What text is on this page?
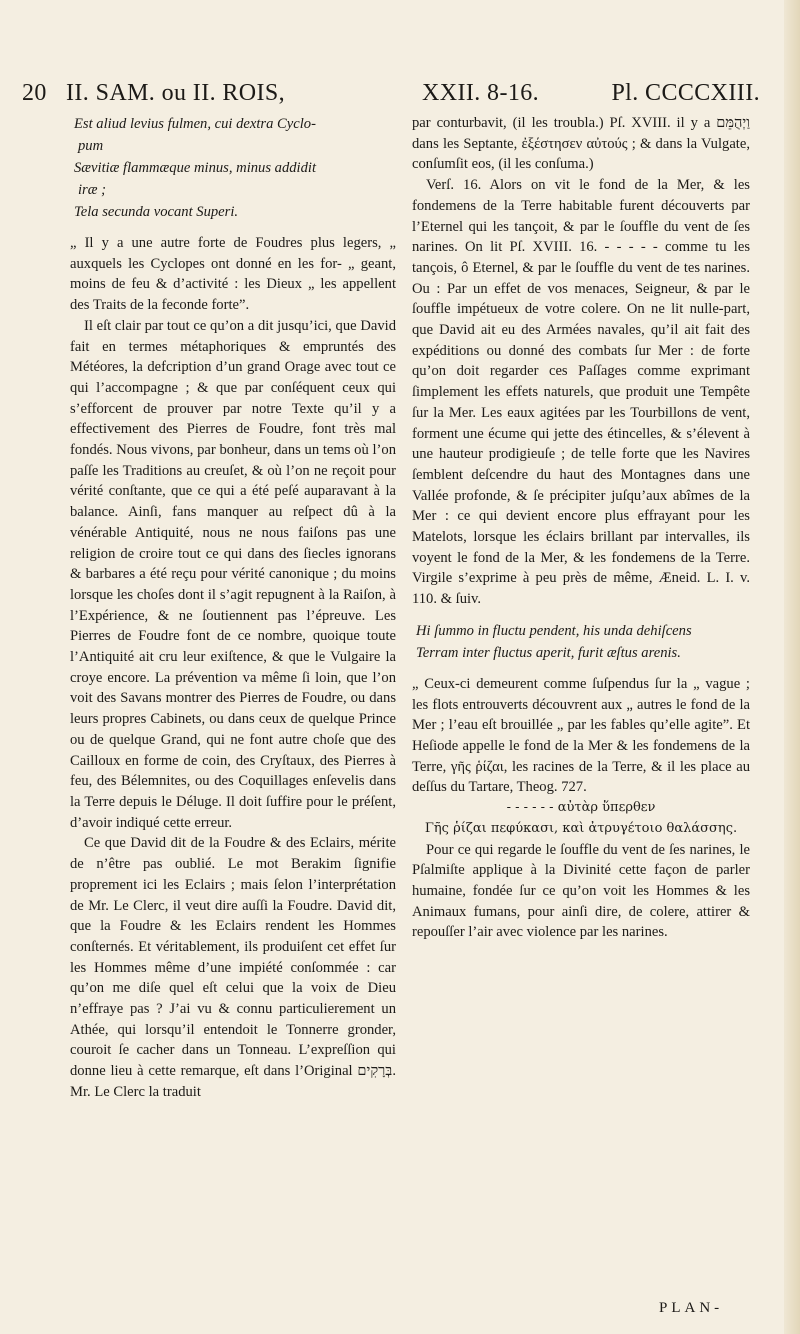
20 II. SAM. ou II. ROIS,	XXII. 8-16.	Pl. CCCCXIII.
Est aliud levius fulmen, cui dextra Cyclo-
pum
Sævitiæ flammæque minus, minus addidit
iræ ;
Tela secunda vocant Superi.

„ Il y a une autre forte de Foudres plus legers, „ auxquels les Cyclopes ont donné en les for- „ geant, moins de feu & d’activité : les Dieux „ les appellent des Traits de la feconde forte”.

Il eſt clair par tout ce qu’on a dit jusqu’ici, que David fait en termes métaphoriques & empruntés des Météores, la defcription d’un grand Orage avec tout ce qui l’accompagne ; & que par conſéquent ceux qui s’efforcent de prouver par notre Texte qu’il y a effectivement des Pierres de Foudre, font très mal fondés. Nous vivons, par bonheur, dans un tems où l’on paſſe les Traditions au creuſet, & où l’on ne reçoit pour vérité conſtante, que ce qui a été peſé auparavant à la balance. Ainſi, fans manquer au reſpect dû à la vénérable Antiquité, nous ne nous faiſons pas une religion de croire tout ce qui dans des ſiecles ignorans & barbares a été reçu pour vérité canonique ; du moins lorsque les choſes dont il s’agit repugnent à la Raiſon, à l’Expérience, & ne ſoutiennent pas l’épreuve. Les Pierres de Foudre font de ce nombre, quoique toute l’Antiquité ait cru leur exiſtence, & que le Vulgaire la croye encore. La prévention va même ſi loin, que l’on voit des Savans montrer des Pierres de Foudre, ou dans leurs propres Cabinets, ou dans ceux de quelque Prince ou de quelque Grand, qui ne font autre choſe que des Cailloux en forme de coin, des Cryſtaux, des Pierres à feu, des Bélemnites, ou des Coquillages enſevelis dans la Terre depuis le Déluge. Il doit ſuffire pour le préſent, d’avoir indiqué cette erreur.

Ce que David dit de la Foudre & des Eclairs, mérite de n’être pas oublié. Le mot Berakim ſignifie proprement ici les Eclairs ; mais ſelon l’interprétation de Mr. Le Clerc, il veut dire auſſi la Foudre. David dit, que la Foudre & les Eclairs rendent les Hommes conſternés. Et véritablement, ils produiſent cet effet ſur les Hommes même d’une impiété conſommée : car qu’on me diſe quel eſt celui que la voix de Dieu n’effraye pas ? J’ai vu & connu particulierement un Athée, qui lorsqu’il entendoit le Tonnerre gronder, couroit ſe cacher dans un Tonneau. L’expreſſion qui donne lieu à cette remarque, eſt dans l’Original בְּרָקִים. Mr. Le Clerc la traduit

par conturbavit, (il les troubla.) Pſ. XVIII. il y a וַיְהֻמֵּם dans les Septante, ἐξέστησεν αὐτούς ; & dans la Vulgate, conſumſit eos, (il les conſuma.)

Verſ. 16. Alors on vit le fond de la Mer, & les fondemens de la Terre habitable furent découverts par l’Eternel qui les tançoit, & par le ſouffle du vent de ſes narines. On lit Pſ. XVIII. 16. - - - - - comme tu les tançois, ô Eternel, & par le ſouffle du vent de tes narines. Ou : Par un effet de vos menaces, Seigneur, & par le ſouffle impétueux de votre colere. On ne lit nulle-part, que David ait eu des Armées navales, qu’il ait fait des expéditions ou donné des combats ſur Mer : de forte qu’on doit regarder ces Paſſages comme exprimant ſimplement les effets naturels, que produit une Tempête ſur la Mer. Les eaux agitées par les Tourbillons de vent, forment une écume qui jette des étincelles, & s’élevent à une hauteur prodigieuſe ; de telle forte que les Navires ſemblent deſcendre du haut des Montagnes dans une Vallée profonde, & ſe précipiter juſqu’aux abîmes de la Mer : ce qui devient encore plus effrayant pour les Matelots, lorsque les éclairs brillant par intervalles, ils voyent le fond de la Mer, & les fondemens de la Terre. Virgile s’exprime à peu près de même, Æneid. L. I. v. 110. & ſuiv.

Hi ſummo in fluctu pendent, his unda dehiſcens
Terram inter fluctus aperit, furit æſtus arenis.

„ Ceux-ci demeurent comme ſuſpendus ſur la „ vague ; les flots entrouverts découvrent aux „ autres le fond de la Mer ; l’eau eſt brouillée „ par les fables qu’elle agite”. Et Heſiode appelle le fond de la Mer & les fondemens de la Terre, γῆς ῥίζαι, les racines de la Terre, & il les place au deſſus du Tartare, Theog. 727.

- - - - - - αὐτὰρ ὕπερθεν
Γῆς ῥίζαι πεφύκασι, καὶ ἀτρυγέτοιο θαλάσσης.

Pour ce qui regarde le ſouffle du vent de ſes narines, le Pſalmiſte applique à la Divinité cette façon de parler humaine, fondée ſur ce qu’on voit les Hommes & les Animaux fumans, pour ainſi dire, de colere, attirer & repouſſer l’air avec violence par les narines.

PLAN-
